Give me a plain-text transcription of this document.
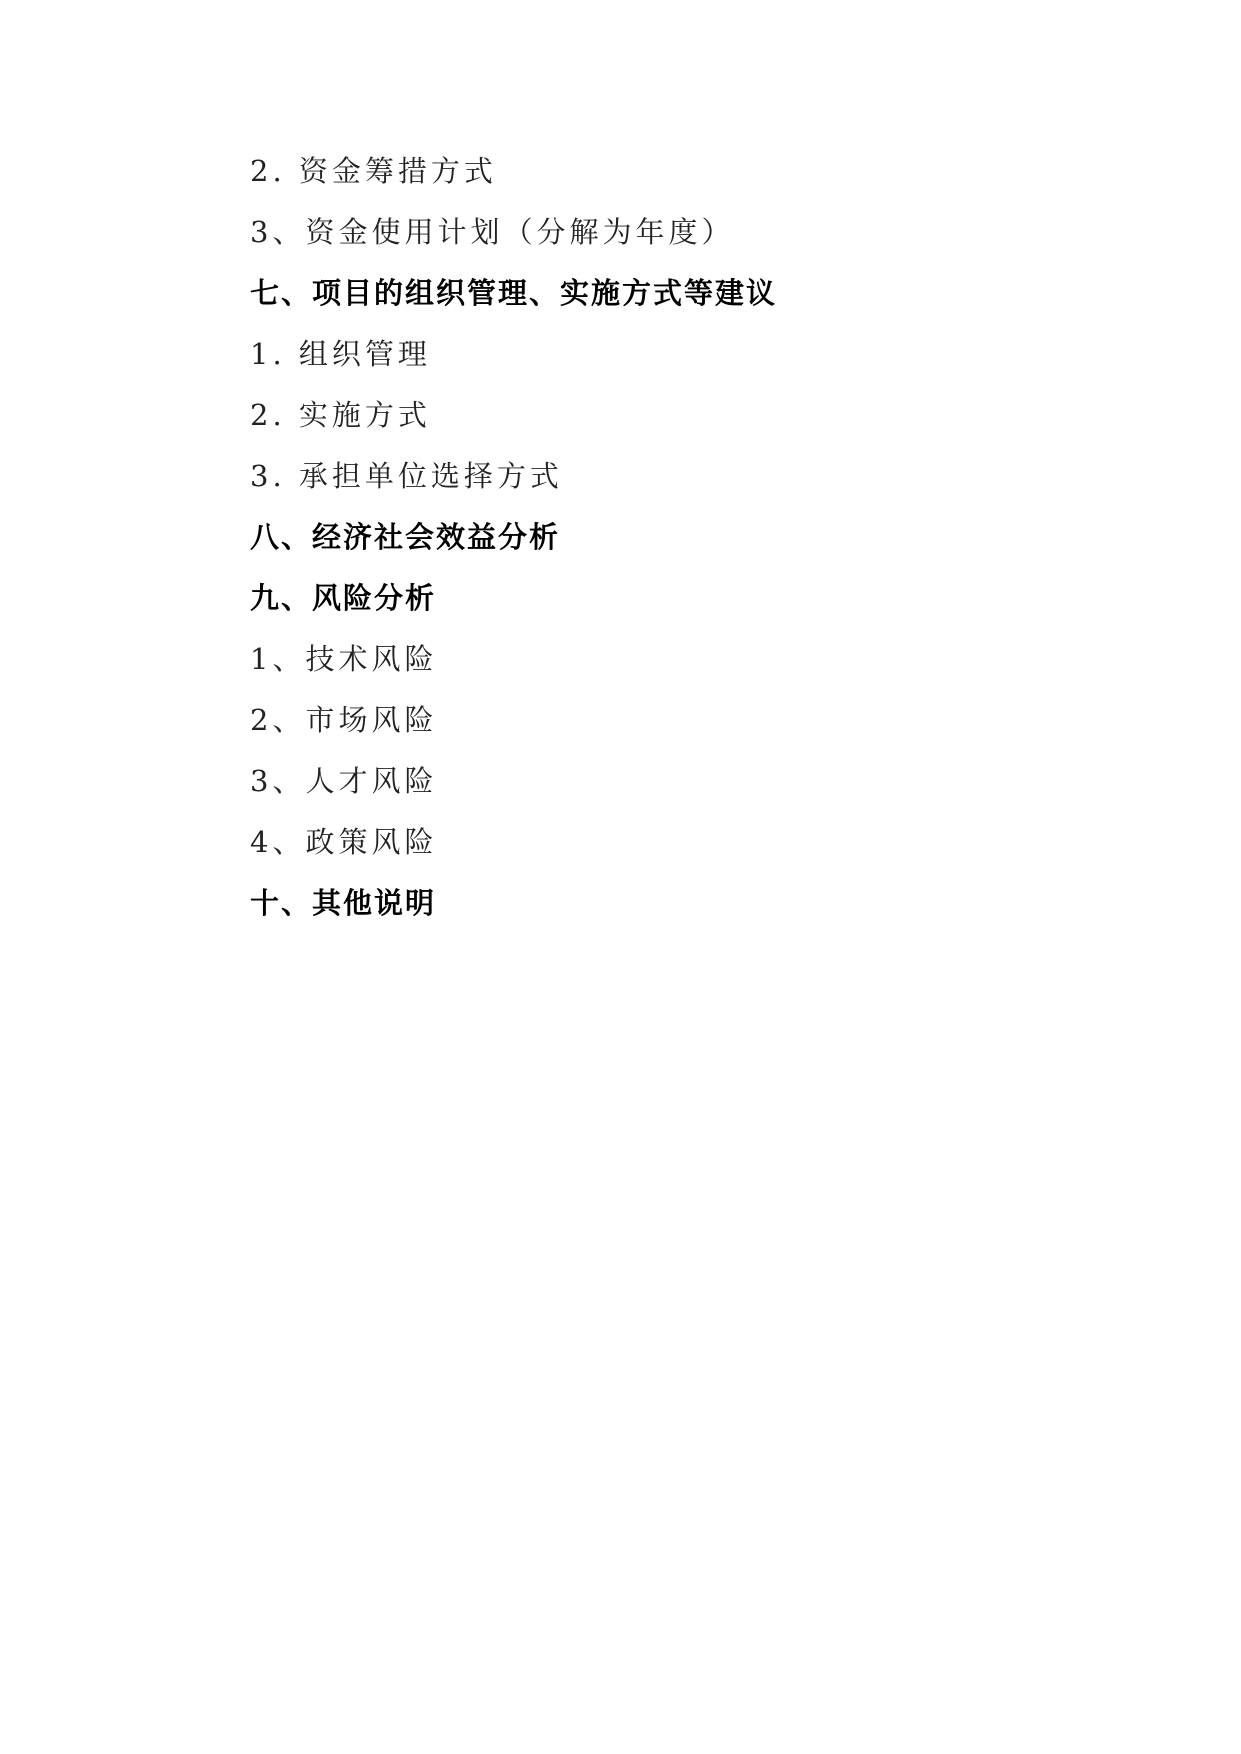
2. 资金筹措方式
3、资金使用计划（分解为年度）
七、项目的组织管理、实施方式等建议
1. 组织管理
2. 实施方式
3. 承担单位选择方式
八、经济社会效益分析
九、风险分析
1、技术风险
2、市场风险
3、人才风险
4、政策风险
十、其他说明
